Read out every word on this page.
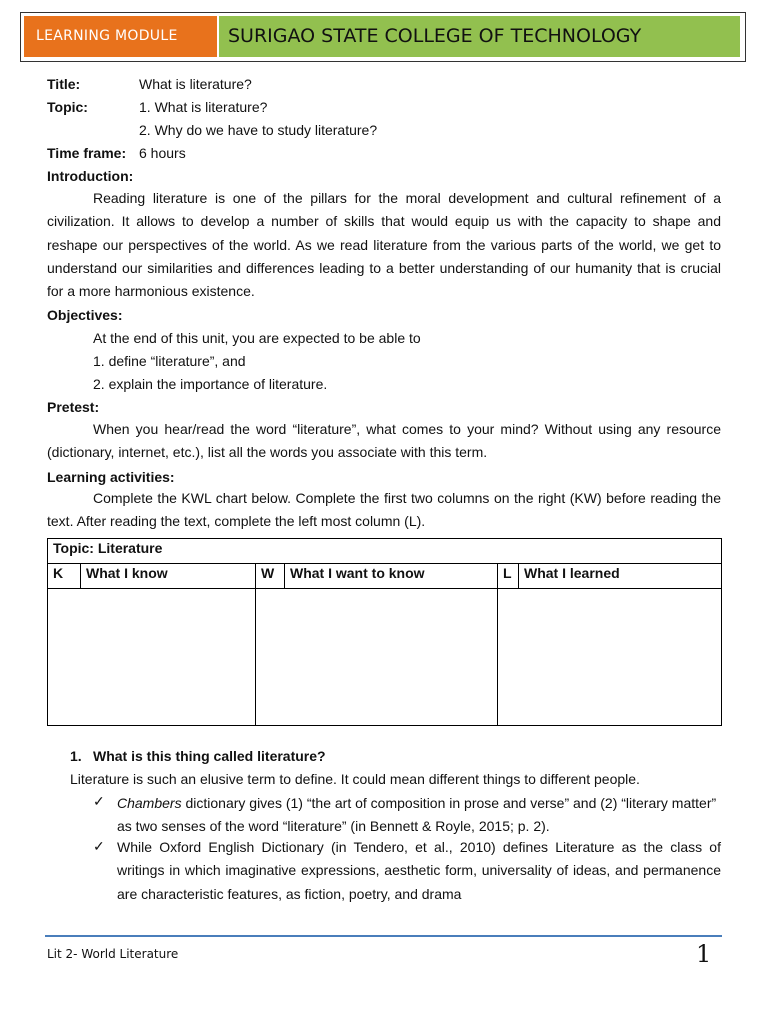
LEARNING MODULE	SURIGAO STATE COLLEGE OF TECHNOLOGY
Title:	What is literature?
Topic:	1. What is literature?
2. Why do we have to study literature?
Time frame: 6 hours
Introduction:
Reading literature is one of the pillars for the moral development and cultural refinement of a civilization. It allows to develop a number of skills that would equip us with the capacity to shape and reshape our perspectives of the world. As we read literature from the various parts of the world, we get to understand our similarities and differences leading to a better understanding of our humanity that is crucial for a more harmonious existence.
Objectives:
At the end of this unit, you are expected to be able to
1. define “literature”, and
2. explain the importance of literature.
Pretest:
When you hear/read the word “literature”, what comes to your mind? Without using any resource (dictionary, internet, etc.), list all the words you associate with this term.
Learning activities:
Complete the KWL chart below. Complete the first two columns on the right (KW) before reading the text. After reading the text, complete the left most column (L).
Topic: Literature					
K	What I know	W	What I want to know	L	What I learned

1. What is this thing called literature?
Literature is such an elusive term to define. It could mean different things to different people.
✓ Chambers dictionary gives (1) “the art of composition in prose and verse” and (2) “literary matter”
as two senses of the word “literature” (in Bennett & Royle, 2015; p. 2).
✓ While Oxford English Dictionary (in Tendero, et al., 2010) defines Literature as the class of writings in which imaginative expressions, aesthetic form, universality of ideas, and permanence are characteristic features, as fiction, poetry, and drama
Lit 2- World Literature	1
